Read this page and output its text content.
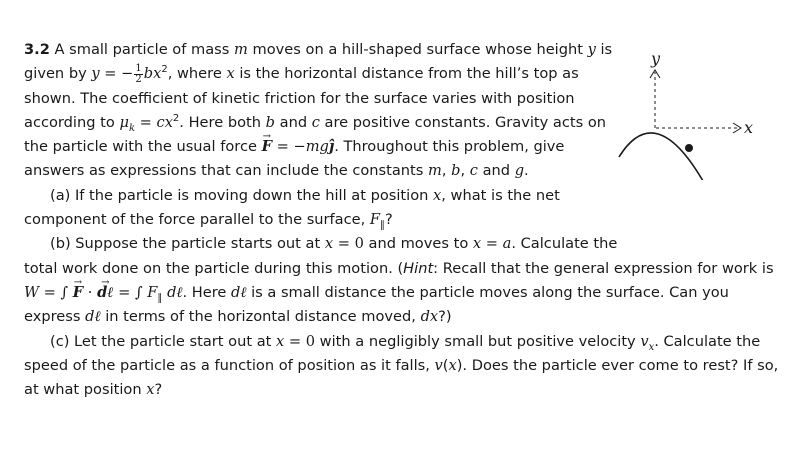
3.2 A small particle of mass m moves on a hill-shaped surface whose height y is
given by y = − $\frac{1}{2} bx^2$, where x is the horizontal distance from the hill’s top as
shown. The coefficient of kinetic friction for the surface varies with position
according to $\mu_k = cx^2$. Here both b and c are positive constants. Gravity acts on
the particle with the usual force → F = −mgĵ. Throughout this problem, give
answers as expressions that can include the constants m, b, c and g.
(a) If the particle is moving down the hill at position x, what is the net
component of the force parallel to the surface, $F_\parallel$?
(b) Suppose the particle starts out at x = 0 and moves to x = a. Calculate the
total work done on the particle during this motion. (Hint: Recall that the general expression for work is
W = ∫ → F · → dℓ = ∫ $F_\parallel$ dℓ. Here dℓ is a small distance the particle moves along the surface. Can you
express dℓ in terms of the horizontal distance moved, dx?)
(c) Let the particle start out at x = 0 with a negligibly small but positive velocity $v_x$. Calculate the
speed of the particle as a function of position as it falls, v(x). Does the particle ever come to rest? If so,
at what position x?
y
x
